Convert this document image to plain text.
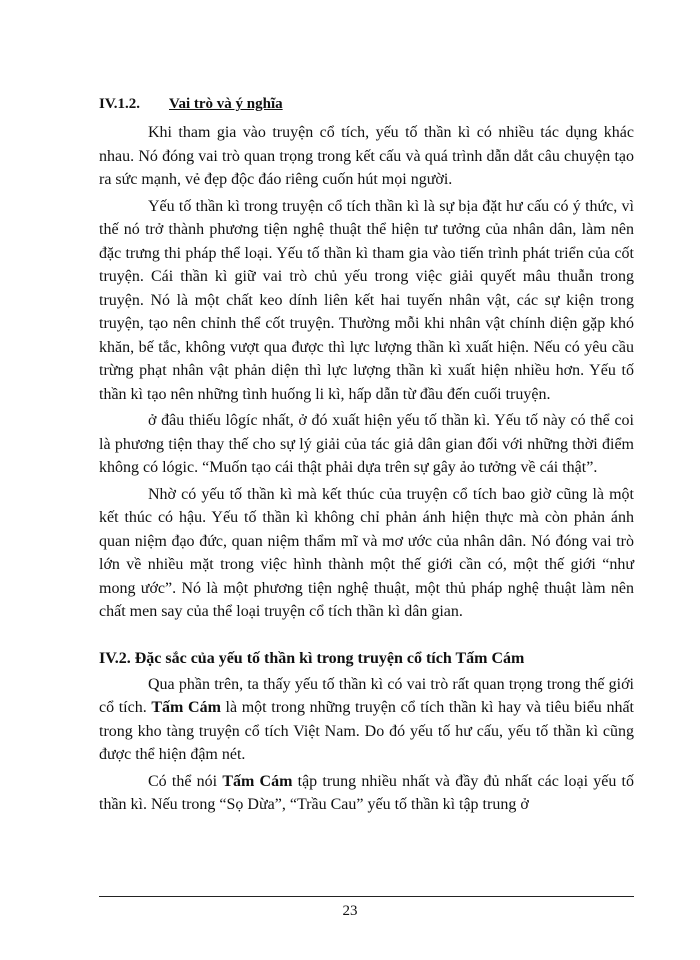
IV.1.2. Vai trò và ý nghĩa

Khi tham gia vào truyện cổ tích, yếu tố thần kì có nhiều tác dụng khác nhau. Nó đóng vai trò quan trọng trong kết cấu và quá trình dẫn dắt câu chuyện tạo ra sức mạnh, vẻ đẹp độc đáo riêng cuốn hút mọi người.

Yếu tố thần kì trong truyện cổ tích thần kì là sự bịa đặt hư cấu có ý thức, vì thế nó trở thành phương tiện nghệ thuật thể hiện tư tưởng của nhân dân, làm nên đặc trưng thi pháp thể loại. Yếu tố thần kì tham gia vào tiến trình phát triển của cốt truyện. Cái thần kì giữ vai trò chủ yếu trong việc giải quyết mâu thuẫn trong truyện. Nó là một chất keo dính liên kết hai tuyến nhân vật, các sự kiện trong truyện, tạo nên chỉnh thể cốt truyện. Thường mỗi khi nhân vật chính diện gặp khó khăn, bế tắc, không vượt qua được thì lực lượng thần kì xuất hiện. Nếu có yêu cầu trừng phạt nhân vật phản diện thì lực lượng thần kì xuất hiện nhiều hơn. Yếu tố thần kì tạo nên những tình huống li kì, hấp dẫn từ đầu đến cuối truyện.

ở đâu thiếu lôgíc nhất, ở đó xuất hiện yếu tố thần kì. Yếu tố này có thể coi là phương tiện thay thế cho sự lý giải của tác giả dân gian đối với những thời điểm không có lógic. “Muốn tạo cái thật phải dựa trên sự gây ảo tưởng về cái thật”.

Nhờ có yếu tố thần kì mà kết thúc của truyện cổ tích bao giờ cũng là một kết thúc có hậu. Yếu tố thần kì không chỉ phản ánh hiện thực mà còn phản ánh quan niệm đạo đức, quan niệm thẩm mĩ và mơ ước của nhân dân. Nó đóng vai trò lớn về nhiều mặt trong việc hình thành một thế giới cần có, một thế giới “như mong ước”. Nó là một phương tiện nghệ thuật, một thủ pháp nghệ thuật làm nên chất men say của thể loại truyện cổ tích thần kì dân gian.

IV.2. Đặc sắc của yếu tố thần kì trong truyện cổ tích Tấm Cám

Qua phần trên, ta thấy yếu tố thần kì có vai trò rất quan trọng trong thế giới cổ tích. Tấm Cám là một trong những truyện cổ tích thần kì hay và tiêu biểu nhất trong kho tàng truyện cổ tích Việt Nam. Do đó yếu tố hư cấu, yếu tố thần kì cũng được thể hiện đậm nét.

Có thể nói Tấm Cám tập trung nhiều nhất và đầy đủ nhất các loại yếu tố thần kì. Nếu trong “Sọ Dừa”, “Trầu Cau” yếu tố thần kì tập trung ở

23
